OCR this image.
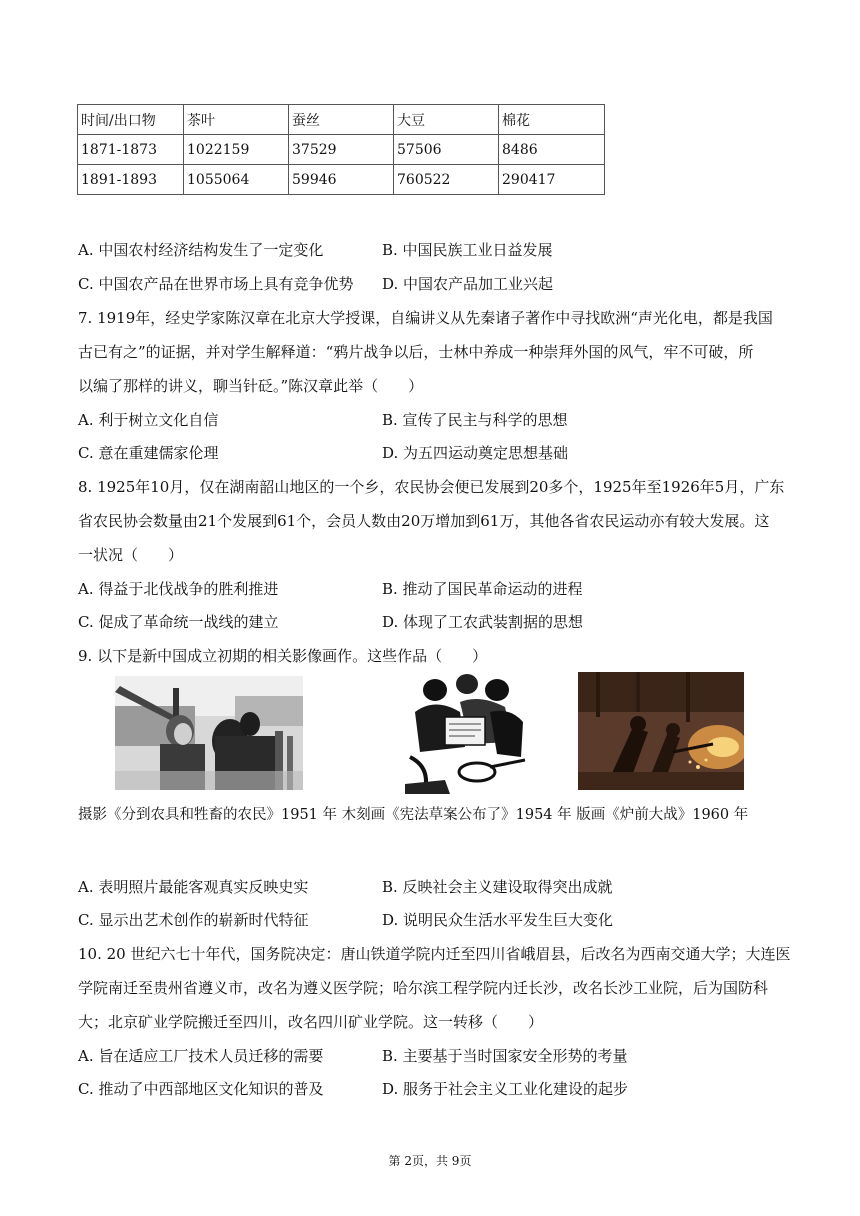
时间/出口物	茶叶	蚕丝	大豆	棉花
1871-1873	1022159	37529	57506	8486
1891-1893	1055064	59946	760522	290417
A. 中国农村经济结构发生了一定变化	B. 中国民族工业日益发展
C. 中国农产品在世界市场上具有竞争优势 D. 中国农产品加工业兴起
7. 1919年，经史学家陈汉章在北京大学授课，自编讲义从先秦诸子著作中寻找欧洲“声光化电，都是我国
古已有之”的证据，并对学生解释道：“鸦片战争以后，士林中养成一种崇拜外国的风气，牢不可破，所
以编了那样的讲义，聊当针砭。”陈汉章此举（　　）
A. 利于树立文化自信	B. 宣传了民主与科学的思想
C. 意在重建儒家伦理	D. 为五四运动奠定思想基础
8. 1925年10月，仅在湖南韶山地区的一个乡，农民协会便已发展到20多个，1925年至1926年5月，广东
省农民协会数量由21个发展到61个，会员人数由20万增加到61万，其他各省农民运动亦有较大发展。这
一状况（　　）
A. 得益于北伐战争的胜利推进	B. 推动了国民革命运动的进程
C. 促成了革命统一战线的建立	D. 体现了工农武装割据的思想
9. 以下是新中国成立初期的相关影像画作。这些作品（　　）
摄影《分到农具和牲畜的农民》1951 年 木刻画《宪法草案公布了》1954 年 版画《炉前大战》1960 年
A. 表明照片最能客观真实反映史实	B. 反映社会主义建设取得突出成就
C. 显示出艺术创作的崭新时代特征	D. 说明民众生活水平发生巨大变化
10. 20 世纪六七十年代，国务院决定：唐山铁道学院内迁至四川省峨眉县，后改名为西南交通大学；大连医
学院南迁至贵州省遵义市，改名为遵义医学院；哈尔滨工程学院内迁长沙，改名长沙工业院，后为国防科
大；北京矿业学院搬迁至四川，改名四川矿业学院。这一转移（　　）
A. 旨在适应工厂技术人员迁移的需要	B. 主要基于当时国家安全形势的考量
C. 推动了中西部地区文化知识的普及	D. 服务于社会主义工业化建设的起步
第 2页，共 9页
